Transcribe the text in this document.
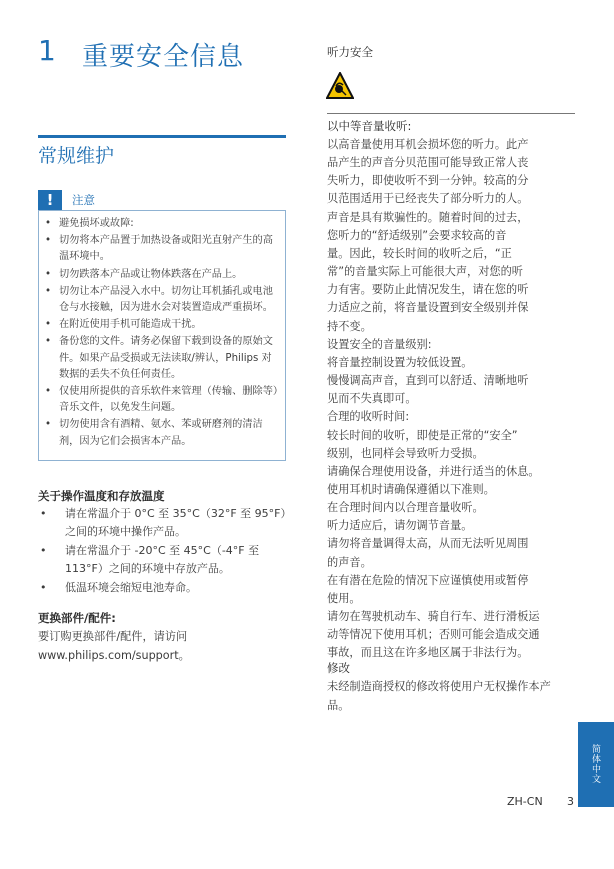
1 重要安全信息
常规维护
!	注意
• 避免损坏或故障:
• 切勿将本产品置于加热设备或阳光直射产生的高温环境中。
• 切勿跌落本产品或让物体跌落在产品上。
• 切勿让本产品浸入水中。切勿让耳机插孔或电池仓与水接触，因为进水会对装置造成严重损坏。
• 在附近使用手机可能造成干扰。
• 备份您的文件。请务必保留下载到设备的原始文件。如果产品受损或无法读取/辨认，Philips 对数据的丢失不负任何责任。
• 仅使用所提供的音乐软件来管理（传输、删除等）音乐文件，以免发生问题。
• 切勿使用含有酒精、氨水、苯或研磨剂的清洁剂，因为它们会损害本产品。
关于操作温度和存放温度
• 请在常温介于 0°C 至 35°C（32°F 至 95°F）之间的环境中操作产品。
• 请在常温介于 -20°C 至 45°C（-4°F 至 113°F）之间的环境中存放产品。
• 低温环境会缩短电池寿命。
更换部件/配件:
要订购更换部件/配件，请访问 www.philips.com/support。
听力安全
以中等音量收听:
以高音量使用耳机会损坏您的听力。此产
品产生的声音分贝范围可能导致正常人丧
失听力，即使收听不到一分钟。较高的分
贝范围适用于已经丧失了部分听力的人。
声音是具有欺骗性的。随着时间的过去，
您听力的“舒适级别”会要求较高的音
量。因此，较长时间的收听之后，“正
常”的音量实际上可能很大声，对您的听
力有害。要防止此情况发生，请在您的听
力适应之前，将音量设置到安全级别并保
持不变。
设置安全的音量级别:
将音量控制设置为较低设置。
慢慢调高声音，直到可以舒适、清晰地听
见而不失真即可。
合理的收听时间:
较长时间的收听，即使是正常的“安全”
级别，也同样会导致听力受损。
请确保合理使用设备，并进行适当的休息。
使用耳机时请确保遵循以下准则。
在合理时间内以合理音量收听。
听力适应后，请勿调节音量。
请勿将音量调得太高，从而无法听见周围
的声音。
在有潜在危险的情况下应谨慎使用或暂停
使用。
请勿在驾驶机动车、骑自行车、进行滑板运
动等情况下使用耳机；否则可能会造成交通
事故，而且这在许多地区属于非法行为。
修改
未经制造商授权的修改将使用户无权操作本产品。
简体中文
ZH-CN 3
